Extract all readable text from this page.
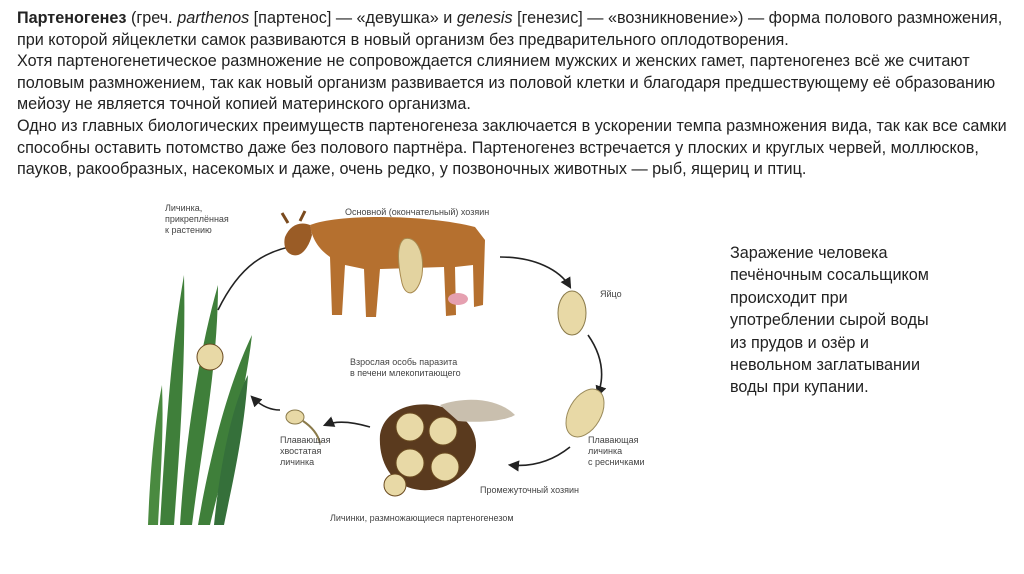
Партеногенез (греч. parthenos [партенос] — «девушка» и genesis [генезис] — «возникновение») — форма полового размножения, при которой яйцеклетки самок развиваются в новый организм без предварительного оплодотворения.

Хотя партеногенетическое размножение не сопровождается слиянием мужских и женских гамет, партеногенез всё же считают половым размножением, так как новый организм развивается из половой клетки и благодаря предшествующему её образованию мейозу не является точной копией материнского организма.

Одно из главных биологических преимуществ партеногенеза заключается в ускорении темпа размножения вида, так как все самки способны оставить потомство даже без полового партнёра. Партеногенез встречается у плоских и круглых червей, моллюсков, пауков, ракообразных, насекомых и даже, очень редко, у позвоночных животных — рыб, ящериц и птиц.

Заражение человека печёночным сосальщиком происходит при употреблении сырой воды из прудов и озёр и невольном заглатывании воды при купании.
Основной (окончательный) хозяин
Взрослая особь паразита
в печени млекопитающего
Яйцо
Плавающая
личинка
с ресничками
Промежуточный хозяин
Личинки, размножающиеся партеногенезом
Плавающая
хвостатая
личинка
Личинка,
прикреплённая
к растению
